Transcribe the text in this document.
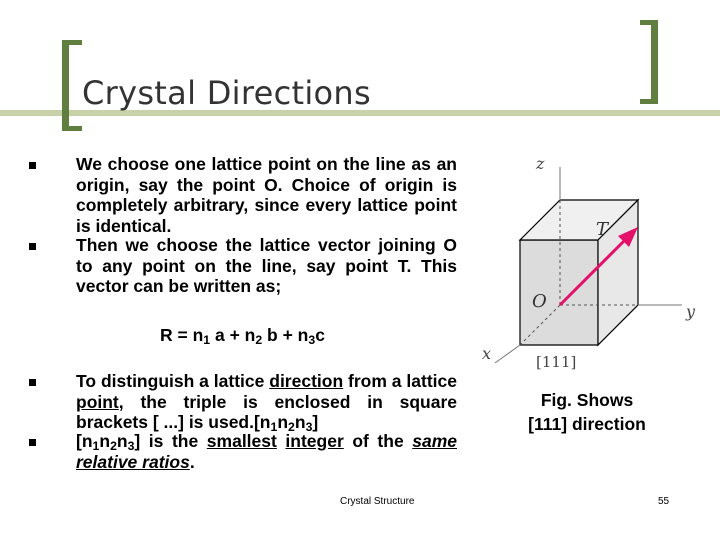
Crystal Directions
We choose one lattice point on the line as an origin, say the point O. Choice of origin is completely arbitrary, since every lattice point is identical.
Then we choose the lattice vector joining O to any point on the line, say point T. This vector can be written as;
$R = n_1$ $a + n_2$ $b + n_3c$
To distinguish a lattice direction from a lattice point, the triple is enclosed in square brackets [ ...] is $used.[n_1n_2n_3]$
$[n_1n_2n_3]$ is the smallest integer of the same relative ratios.
z
y
x
O
T
[111]
Fig. Shows
[111] direction
Crystal Structure	55
